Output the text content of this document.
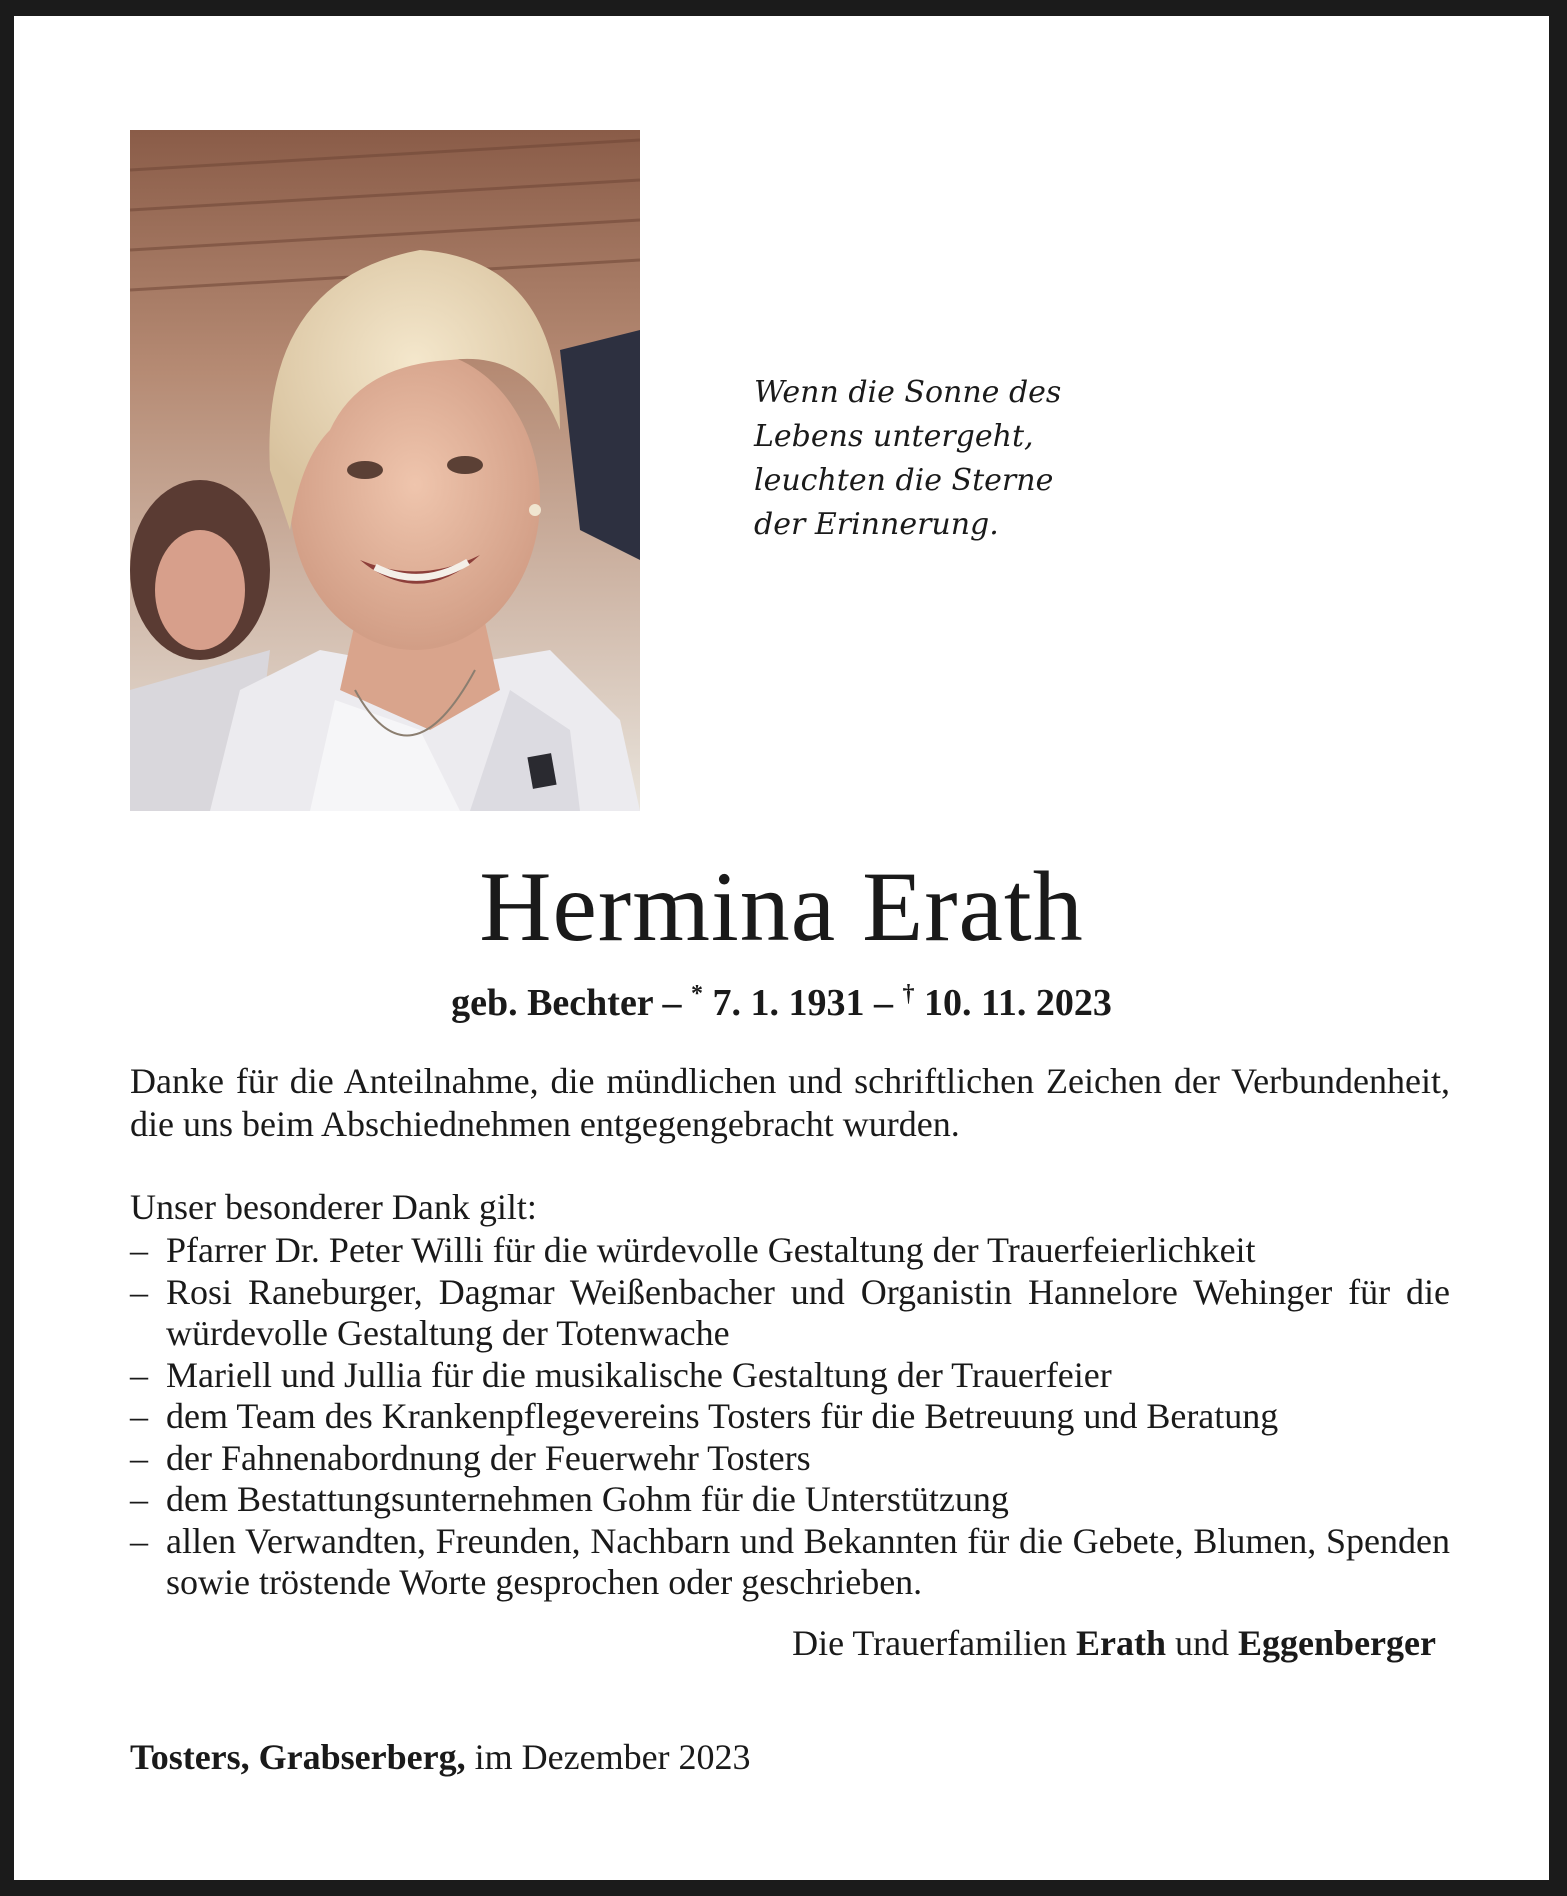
Wenn die Sonne des
Lebens untergeht,
leuchten die Sterne
der Erinnerung.
Hermina Erath
geb. Bechter – * 7. 1. 1931 – † 10. 11. 2023
Danke für die Anteilnahme, die mündlichen und schriftlichen Zeichen der Verbundenheit, die uns beim Abschiednehmen entgegengebracht wurden.
Unser besonderer Dank gilt:
– Pfarrer Dr. Peter Willi für die würdevolle Gestaltung der Trauerfeierlichkeit
– Rosi Raneburger, Dagmar Weißenbacher und Organistin Hannelore Wehinger für die würdevolle Gestaltung der Totenwache
– Mariell und Jullia für die musikalische Gestaltung der Trauerfeier
– dem Team des Krankenpflegevereins Tosters für die Betreuung und Beratung
– der Fahnenabordnung der Feuerwehr Tosters
– dem Bestattungsunternehmen Gohm für die Unterstützung
– allen Verwandten, Freunden, Nachbarn und Bekannten für die Gebete, Blumen, Spenden sowie tröstende Worte gesprochen oder geschrieben.
Die Trauerfamilien Erath und Eggenberger
Tosters, Grabserberg, im Dezember 2023
